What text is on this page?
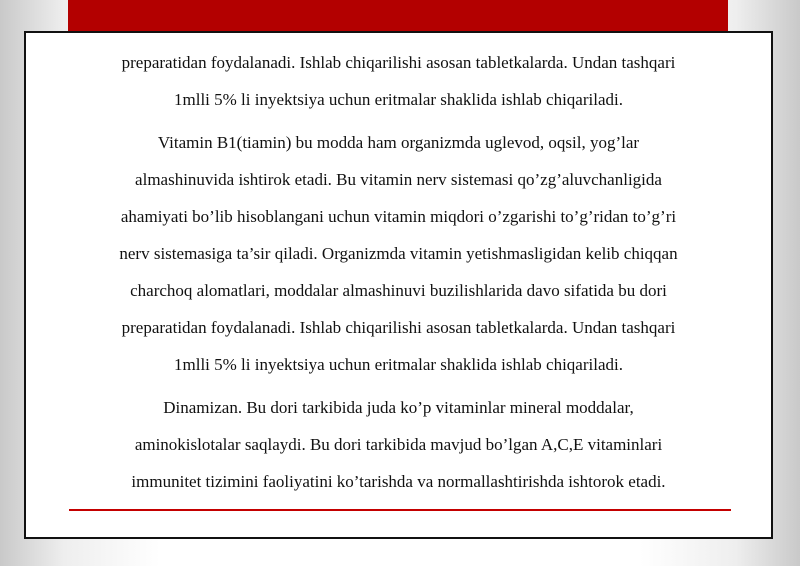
preparatidan foydalanadi. Ishlab chiqarilishi asosan tabletkalarda. Undan tashqari
1mlli 5% li inyektsiya uchun eritmalar shaklida ishlab chiqariladi.

Vitamin B1(tiamin) bu modda ham organizmda uglevod, oqsil, yog’lar
almashinuvida ishtirok etadi. Bu vitamin nerv sistemasi qo’zg’aluvchanligida
ahamiyati bo’lib hisoblangani uchun vitamin miqdori o’zgarishi to’g’ridan to’g’ri
nerv sistemasiga ta’sir qiladi. Organizmda vitamin yetishmasligidan kelib chiqqan
charchoq alomatlari, moddalar almashinuvi buzilishlarida davo sifatida bu dori
preparatidan foydalanadi. Ishlab chiqarilishi asosan tabletkalarda. Undan tashqari
1mlli 5% li inyektsiya uchun eritmalar shaklida ishlab chiqariladi.

Dinamizan. Bu dori tarkibida juda ko’p vitaminlar mineral moddalar,
aminokislotalar saqlaydi. Bu dori tarkibida mavjud bo’lgan A,C,E vitaminlari
immunitet tizimini faoliyatini ko’tarishda va normallashtirishda ishtorok etadi.
